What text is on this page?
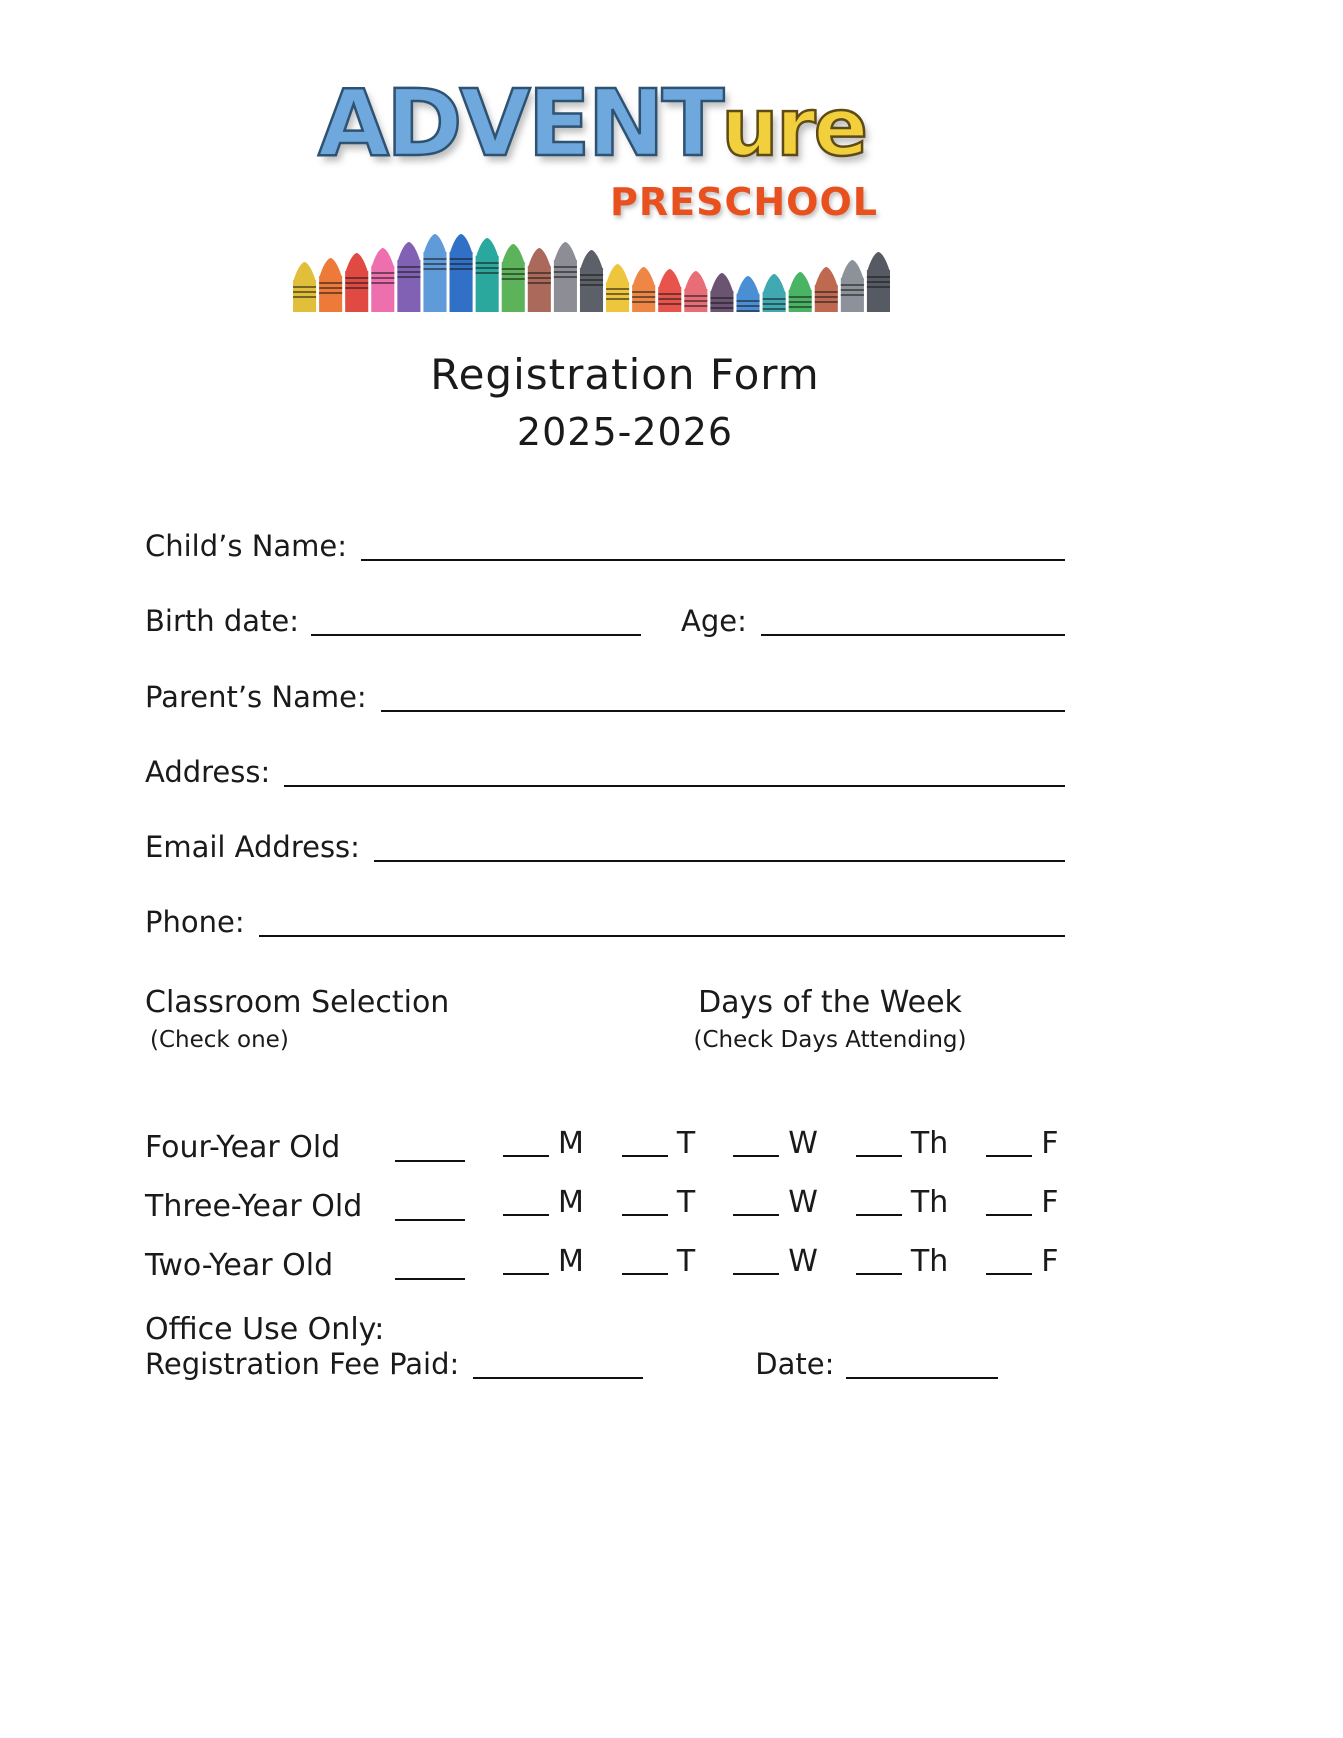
ADVENTure
PRESCHOOL
Registration Form
2025-2026
Child’s Name:
Birth date:	Age:
Parent’s Name:
Address:
Email Address:
Phone:
Classroom Selection
(Check one)
Days of the Week
(Check Days Attending)
Four-Year Old	M	T	W	Th	F
Three-Year Old	M	T	W	Th	F
Two-Year Old	M	T	W	Th	F
Office Use Only:
Registration Fee Paid:	Date:
